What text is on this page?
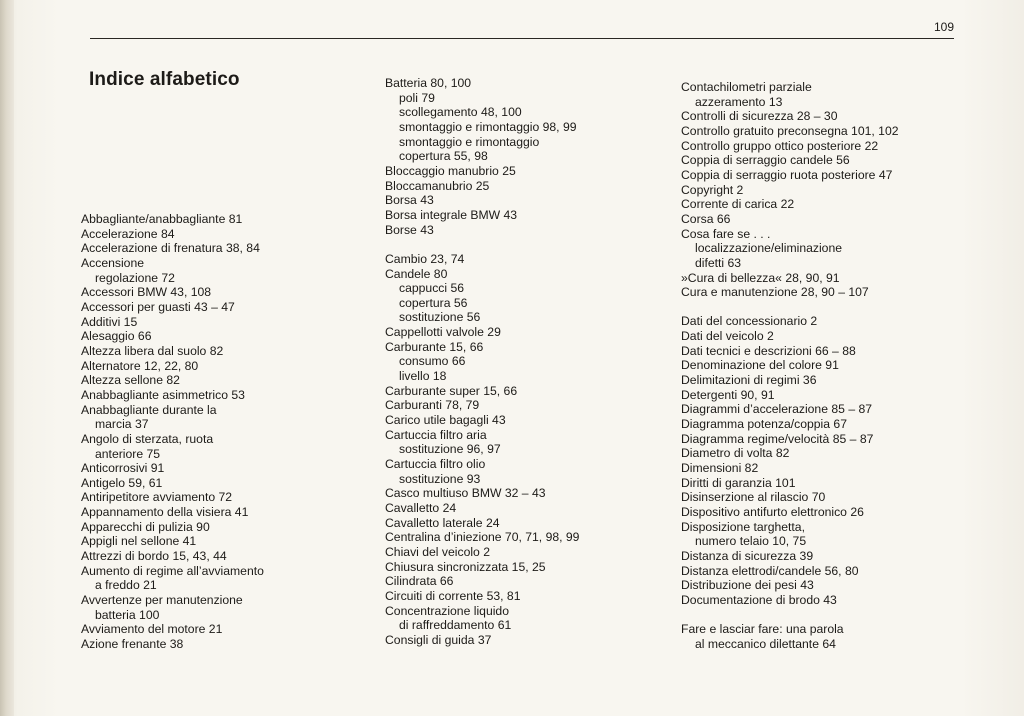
109
Indice alfabetico
Abbagliante/anabbagliante 81
Accelerazione 84
Accelerazione di frenatura 38, 84
Accensione
regolazione 72
Accessori BMW 43, 108
Accessori per guasti 43 – 47
Additivi 15
Alesaggio 66
Altezza libera dal suolo 82
Alternatore 12, 22, 80
Altezza sellone 82
Anabbagliante asimmetrico 53
Anabbagliante durante la
marcia 37
Angolo di sterzata, ruota
anteriore 75
Anticorrosivi 91
Antigelo 59, 61
Antiripetitore avviamento 72
Appannamento della visiera 41
Apparecchi di pulizia 90
Appigli nel sellone 41
Attrezzi di bordo 15, 43, 44
Aumento di regime all’avviamento
a freddo 21
Avvertenze per manutenzione
batteria 100
Avviamento del motore 21
Azione frenante 38
Batteria 80, 100
poli 79
scollegamento 48, 100
smontaggio e rimontaggio 98, 99
smontaggio e rimontaggio
copertura 55, 98
Bloccaggio manubrio 25
Bloccamanubrio 25
Borsa 43
Borsa integrale BMW 43
Borse 43
Cambio 23, 74
Candele 80
cappucci 56
copertura 56
sostituzione 56
Cappellotti valvole 29
Carburante 15, 66
consumo 66
livello 18
Carburante super 15, 66
Carburanti 78, 79
Carico utile bagagli 43
Cartuccia filtro aria
sostituzione 96, 97
Cartuccia filtro olio
sostituzione 93
Casco multiuso BMW 32 – 43
Cavalletto 24
Cavalletto laterale 24
Centralina d’iniezione 70, 71, 98, 99
Chiavi del veicolo 2
Chiusura sincronizzata 15, 25
Cilindrata 66
Circuiti di corrente 53, 81
Concentrazione liquido
di raffreddamento 61
Consigli di guida 37
Contachilometri parziale
azzeramento 13
Controlli di sicurezza 28 – 30
Controllo gratuito preconsegna 101, 102
Controllo gruppo ottico posteriore 22
Coppia di serraggio candele 56
Coppia di serraggio ruota posteriore 47
Copyright 2
Corrente di carica 22
Corsa 66
Cosa fare se . . .
localizzazione/eliminazione
difetti 63
»Cura di bellezza« 28, 90, 91
Cura e manutenzione 28, 90 – 107
Dati del concessionario 2
Dati del veicolo 2
Dati tecnici e descrizioni 66 – 88
Denominazione del colore 91
Delimitazioni di regimi 36
Detergenti 90, 91
Diagrammi d’accelerazione 85 – 87
Diagramma potenza/coppia 67
Diagramma regime/velocità 85 – 87
Diametro di volta 82
Dimensioni 82
Diritti di garanzia 101
Disinserzione al rilascio 70
Dispositivo antifurto elettronico 26
Disposizione targhetta,
numero telaio 10, 75
Distanza di sicurezza 39
Distanza elettrodi/candele 56, 80
Distribuzione dei pesi 43
Documentazione di brodo 43
Fare e lasciar fare: una parola
al meccanico dilettante 64
